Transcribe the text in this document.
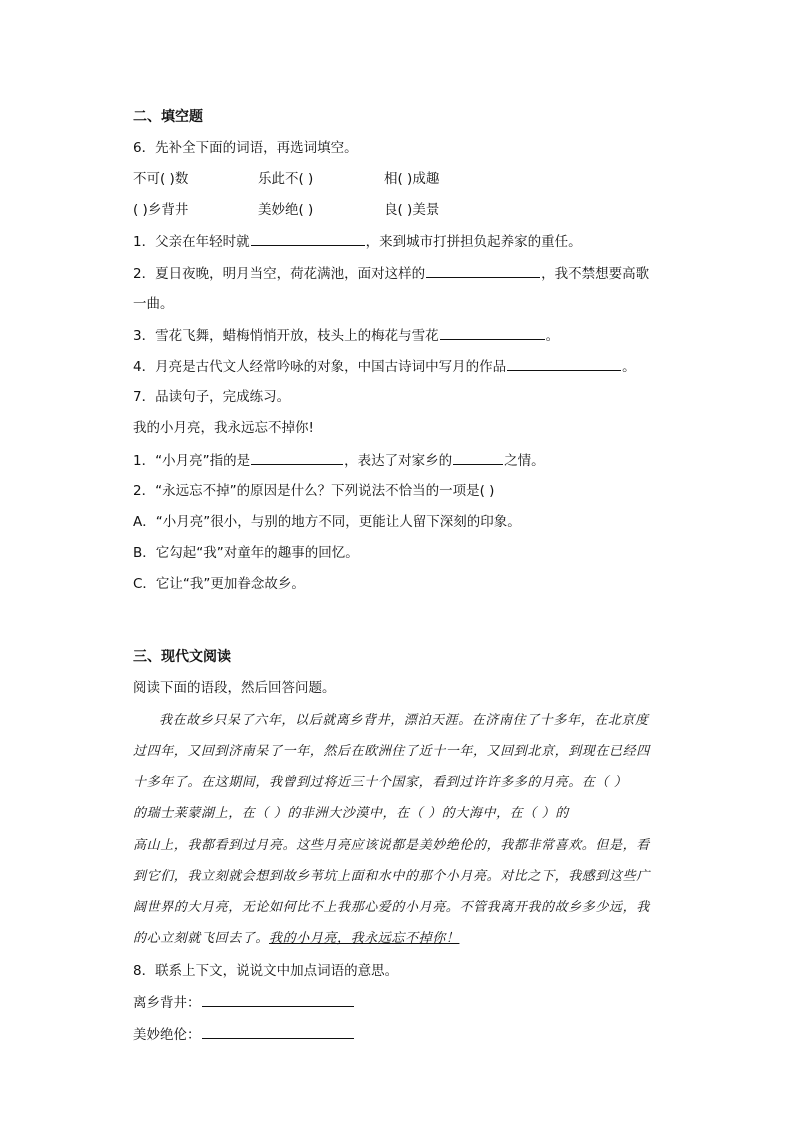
二、填空题
6．先补全下面的词语，再选词填空。
不可( )数	乐此不( )	相( )成趣
( )乡背井	美妙绝( )	良( )美景
1．父亲在年轻时就	，来到城市打拼担负起养家的重任。
2．夏日夜晚，明月当空，荷花满池，面对这样的	，我不禁想要高歌
一曲。
3．雪花飞舞，蜡梅悄悄开放，枝头上的梅花与雪花	。
4．月亮是古代文人经常吟咏的对象，中国古诗词中写月的作品	。
7．品读句子，完成练习。
我的小月亮，我永远忘不掉你!
1．“小月亮”指的是	，表达了对家乡的	之情。
2．“永远忘不掉”的原因是什么？下列说法不恰当的一项是( )
A．“小月亮”很小，与别的地方不同，更能让人留下深刻的印象。
B．它勾起“我”对童年的趣事的回忆。
C．它让“我”更加眷念故乡。
三、现代文阅读
阅读下面的语段，然后回答问题。
我在故乡只呆了六年，以后就离乡背井，漂泊天涯。在济南住了十多年，在北京度
过四年，又回到济南呆了一年，然后在欧洲住了近十一年，又回到北京，到现在已经四
十多年了。在这期间，我曾到过将近三十个国家，看到过许许多多的月亮。在（ ）
的瑞士莱蒙湖上，在（ ）的非洲大沙漠中，在（ ）的大海中，在（ ）的
高山上，我都看到过月亮。这些月亮应该说都是美妙绝伦的，我都非常喜欢。但是，看
到它们，我立刻就会想到故乡苇坑上面和水中的那个小月亮。对比之下，我感到这些广
阔世界的大月亮，无论如何比不上我那心爱的小月亮。不管我离开我的故乡多少远，我
的心立刻就飞回去了。我的小月亮，我永远忘不掉你！
8．联系上下文，说说文中加点词语的意思。
离乡背井：
美妙绝伦：
